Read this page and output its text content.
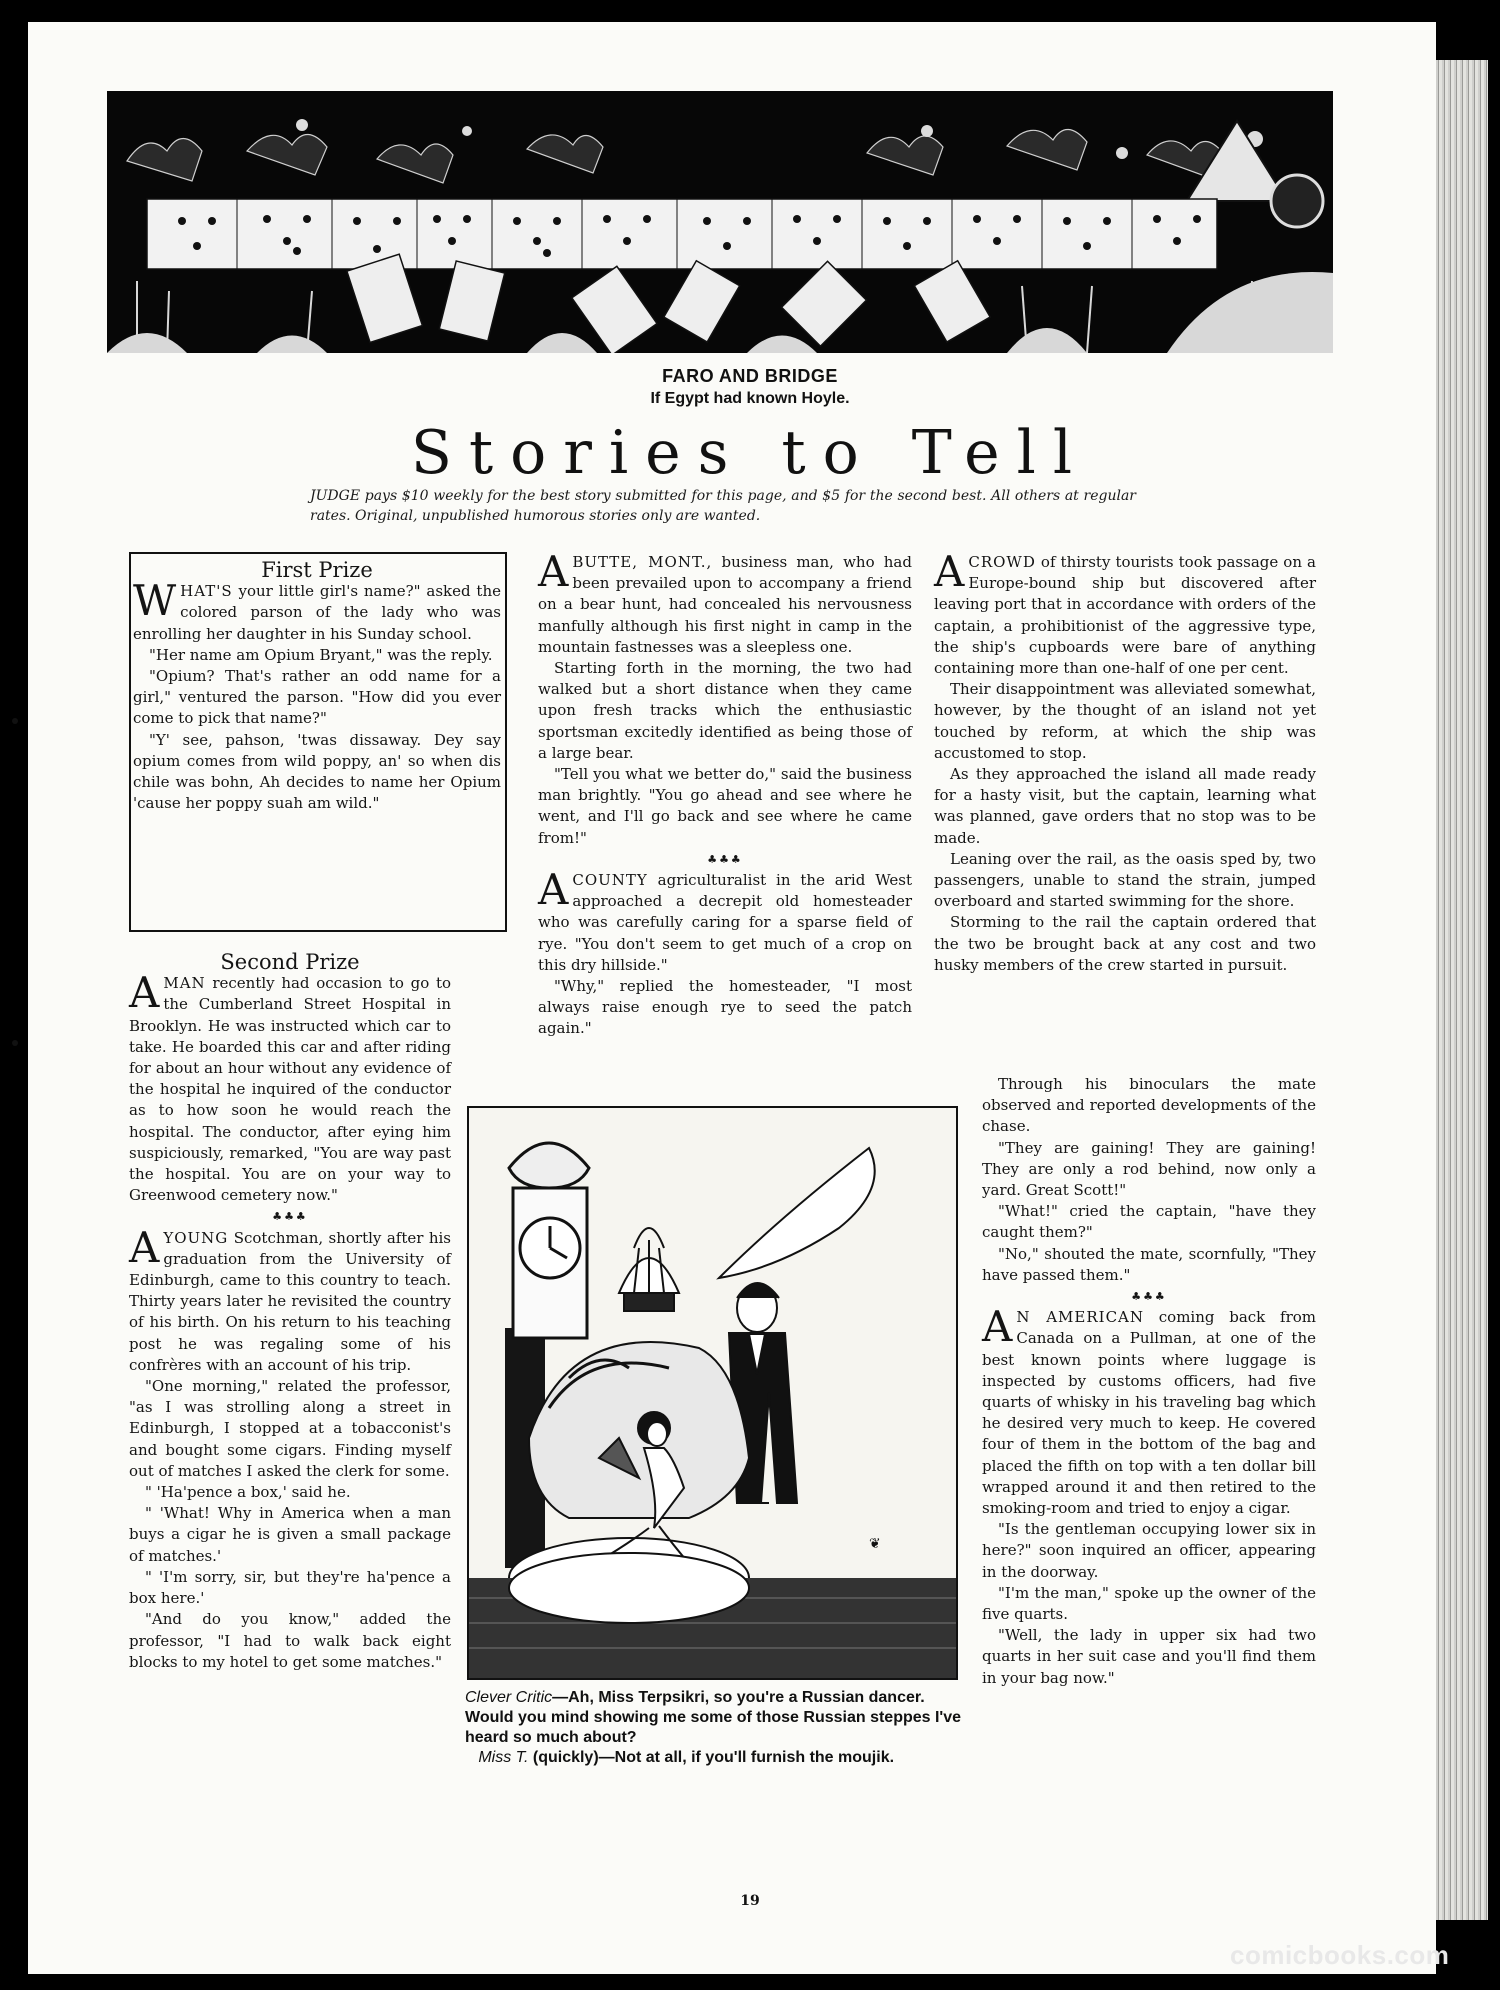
FARO AND BRIDGE
If Egypt had known Hoyle.
Stories to Tell
JUDGE pays $10 weekly for the best story submitted for this page, and $5 for the second best. All others at regular rates. Original, unpublished humorous stories only are wanted.

First Prize

WHAT'S your little girl's name?" asked the colored parson of the lady who was enrolling her daughter in his Sunday school.

"Her name am Opium Bryant," was the reply.

"Opium? That's rather an odd name for a girl," ventured the parson. "How did you ever come to pick that name?"

"Y' see, pahson, 'twas dissaway. Dey say opium comes from wild poppy, an' so when dis chile was bohn, Ah decides to name her Opium 'cause her poppy suah am wild."

Second Prize

AMAN recently had occasion to go to the Cumberland Street Hospital in Brooklyn. He was instructed which car to take. He boarded this car and after riding for about an hour without any evidence of the hospital he inquired of the conductor as to how soon he would reach the hospital. The conductor, after eying him suspiciously, remarked, "You are way past the hospital. You are on your way to Greenwood cemetery now."

♣♣♣

AYOUNG Scotchman, shortly after his graduation from the University of Edinburgh, came to this country to teach. Thirty years later he revisited the country of his birth. On his return to his teaching post he was regaling some of his confrères with an account of his trip.

"One morning," related the professor, "as I was strolling along a street in Edinburgh, I stopped at a tobacconist's and bought some cigars. Finding myself out of matches I asked the clerk for some.

" 'Ha'pence a box,' said he.

" 'What! Why in America when a man buys a cigar he is given a small package of matches.'

" 'I'm sorry, sir, but they're ha'pence a box here.'

"And do you know," added the professor, "I had to walk back eight blocks to my hotel to get some matches."

ABUTTE, MONT., business man, who had been prevailed upon to accompany a friend on a bear hunt, had concealed his nervousness manfully although his first night in camp in the mountain fastnesses was a sleepless one.

Starting forth in the morning, the two had walked but a short distance when they came upon fresh tracks which the enthusiastic sportsman excitedly identified as being those of a large bear.

"Tell you what we better do," said the business man brightly. "You go ahead and see where he went, and I'll go back and see where he came from!"

♣♣♣

ACOUNTY agriculturalist in the arid West approached a decrepit old homesteader who was carefully caring for a sparse field of rye. "You don't seem to get much of a crop on this dry hillside."

"Why," replied the homesteader, "I most always raise enough rye to seed the patch again."

ACROWD of thirsty tourists took passage on a Europe-bound ship but discovered after leaving port that in accordance with orders of the captain, a prohibitionist of the aggressive type, the ship's cupboards were bare of anything containing more than one-half of one per cent.

Their disappointment was alleviated somewhat, however, by the thought of an island not yet touched by reform, at which the ship was accustomed to stop.

As they approached the island all made ready for a hasty visit, but the captain, learning what was planned, gave orders that no stop was to be made.

Leaning over the rail, as the oasis sped by, two passengers, unable to stand the strain, jumped overboard and started swimming for the shore.

Storming to the rail the captain ordered that the two be brought back at any cost and two husky members of the crew started in pursuit.

Through his binoculars the mate observed and reported developments of the chase.

"They are gaining! They are gaining! They are only a rod behind, now only a yard. Great Scott!"

"What!" cried the captain, "have they caught them?"

"No," shouted the mate, scornfully, "They have passed them."

♣♣♣

A N AMERICAN coming back from Canada on a Pullman, at one of the best known points where luggage is inspected by customs officers, had five quarts of whisky in his traveling bag which he desired very much to keep. He covered four of them in the bottom of the bag and placed the fifth on top with a ten dollar bill wrapped around it and then retired to the smoking-room and tried to enjoy a cigar.

"Is the gentleman occupying lower six in here?" soon inquired an officer, appearing in the doorway.

"I'm the man," spoke up the owner of the five quarts.

"Well, the lady in upper six had two quarts in her suit case and you'll find them in your bag now."

❦
Clever Critic—Ah, Miss Terpsikri, so you're a Russian dancer. Would you mind showing me some of those Russian steppes I've heard so much about?
Miss T. (quickly)—Not at all, if you'll furnish the moujik.
19
comicbooks.com
